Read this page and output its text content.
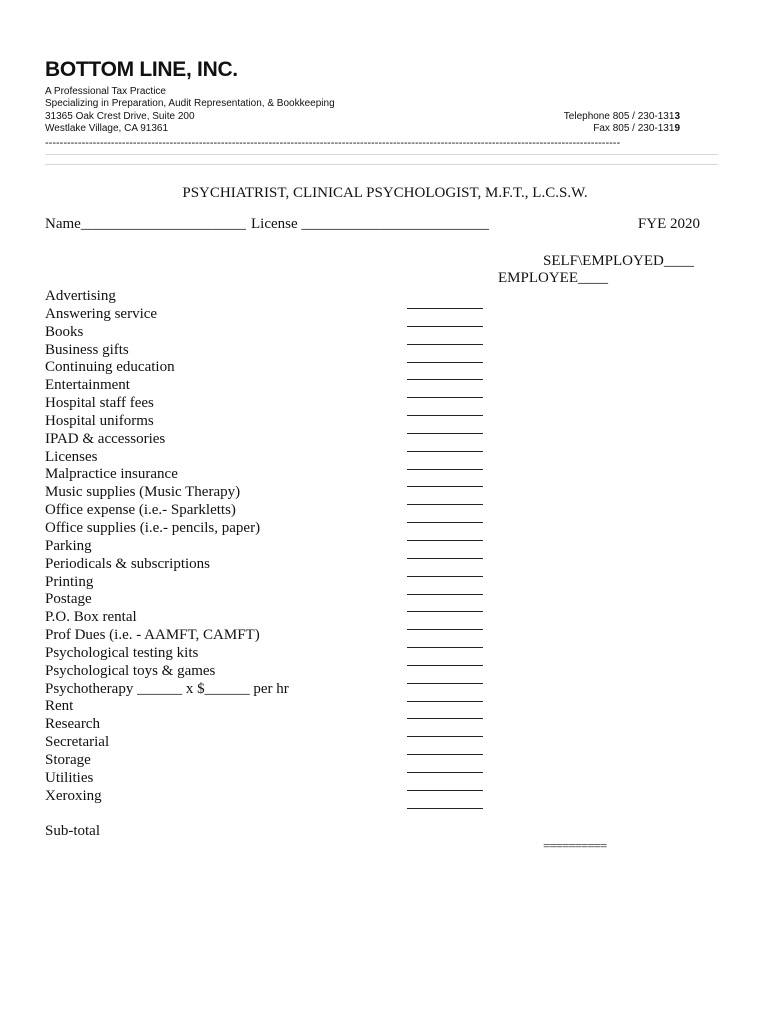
BOTTOM LINE, INC.
A Professional Tax Practice
Specializing in Preparation, Audit Representation, & Bookkeeping
31365 Oak Crest Drive, Suite 200
Westlake Village, CA 91361
Telephone 805 / 230-1313
Fax 805 / 230-1319
-------------------------------------------------------------------------------------------------------------------------------------------------------------
PSYCHIATRIST, CLINICAL PSYCHOLOGIST, M.F.T., L.C.S.W.
Name______________________ License _________________________	FYE 2020
SELF\EMPLOYED____
EMPLOYEE____
Advertising
Answering service
Books
Business gifts
Continuing education
Entertainment
Hospital staff fees
Hospital uniforms
IPAD & accessories
Licenses
Malpractice insurance
Music supplies (Music Therapy)
Office expense (i.e.- Sparkletts)
Office supplies (i.e.- pencils, paper)
Parking
Periodicals & subscriptions
Printing
Postage
P.O. Box rental
Prof Dues (i.e. - AAMFT, CAMFT)
Psychological testing kits
Psychological toys & games
Psychotherapy ______ x $______ per hr
Rent
Research
Secretarial
Storage
Utilities
Xeroxing
Sub-total
==========
